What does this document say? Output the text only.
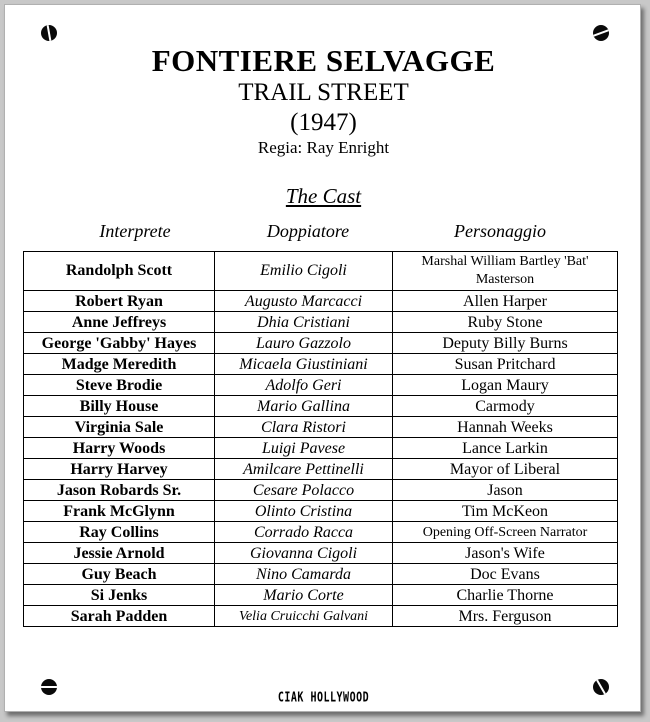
FONTIERE SELVAGGE
TRAIL STREET
(1947)
Regia: Ray Enright
The Cast
Interprete	Doppiatore	Personaggio
Randolph Scott	Emilio Cigoli	Marshal William Bartley 'Bat' Masterson
Robert Ryan	Augusto Marcacci	Allen Harper
Anne Jeffreys	Dhia Cristiani	Ruby Stone
George 'Gabby' Hayes	Lauro Gazzolo	Deputy Billy Burns
Madge Meredith	Micaela Giustiniani	Susan Pritchard
Steve Brodie	Adolfo Geri	Logan Maury
Billy House	Mario Gallina	Carmody
Virginia Sale	Clara Ristori	Hannah Weeks
Harry Woods	Luigi Pavese	Lance Larkin
Harry Harvey	Amilcare Pettinelli	Mayor of Liberal
Jason Robards Sr.	Cesare Polacco	Jason
Frank McGlynn	Olinto Cristina	Tim McKeon
Ray Collins	Corrado Racca	Opening Off-Screen Narrator
Jessie Arnold	Giovanna Cigoli	Jason's Wife
Guy Beach	Nino Camarda	Doc Evans
Si Jenks	Mario Corte	Charlie Thorne
Sarah Padden	Velia Cruicchi Galvani	Mrs. Ferguson
CIAK HOLLYWOOD
